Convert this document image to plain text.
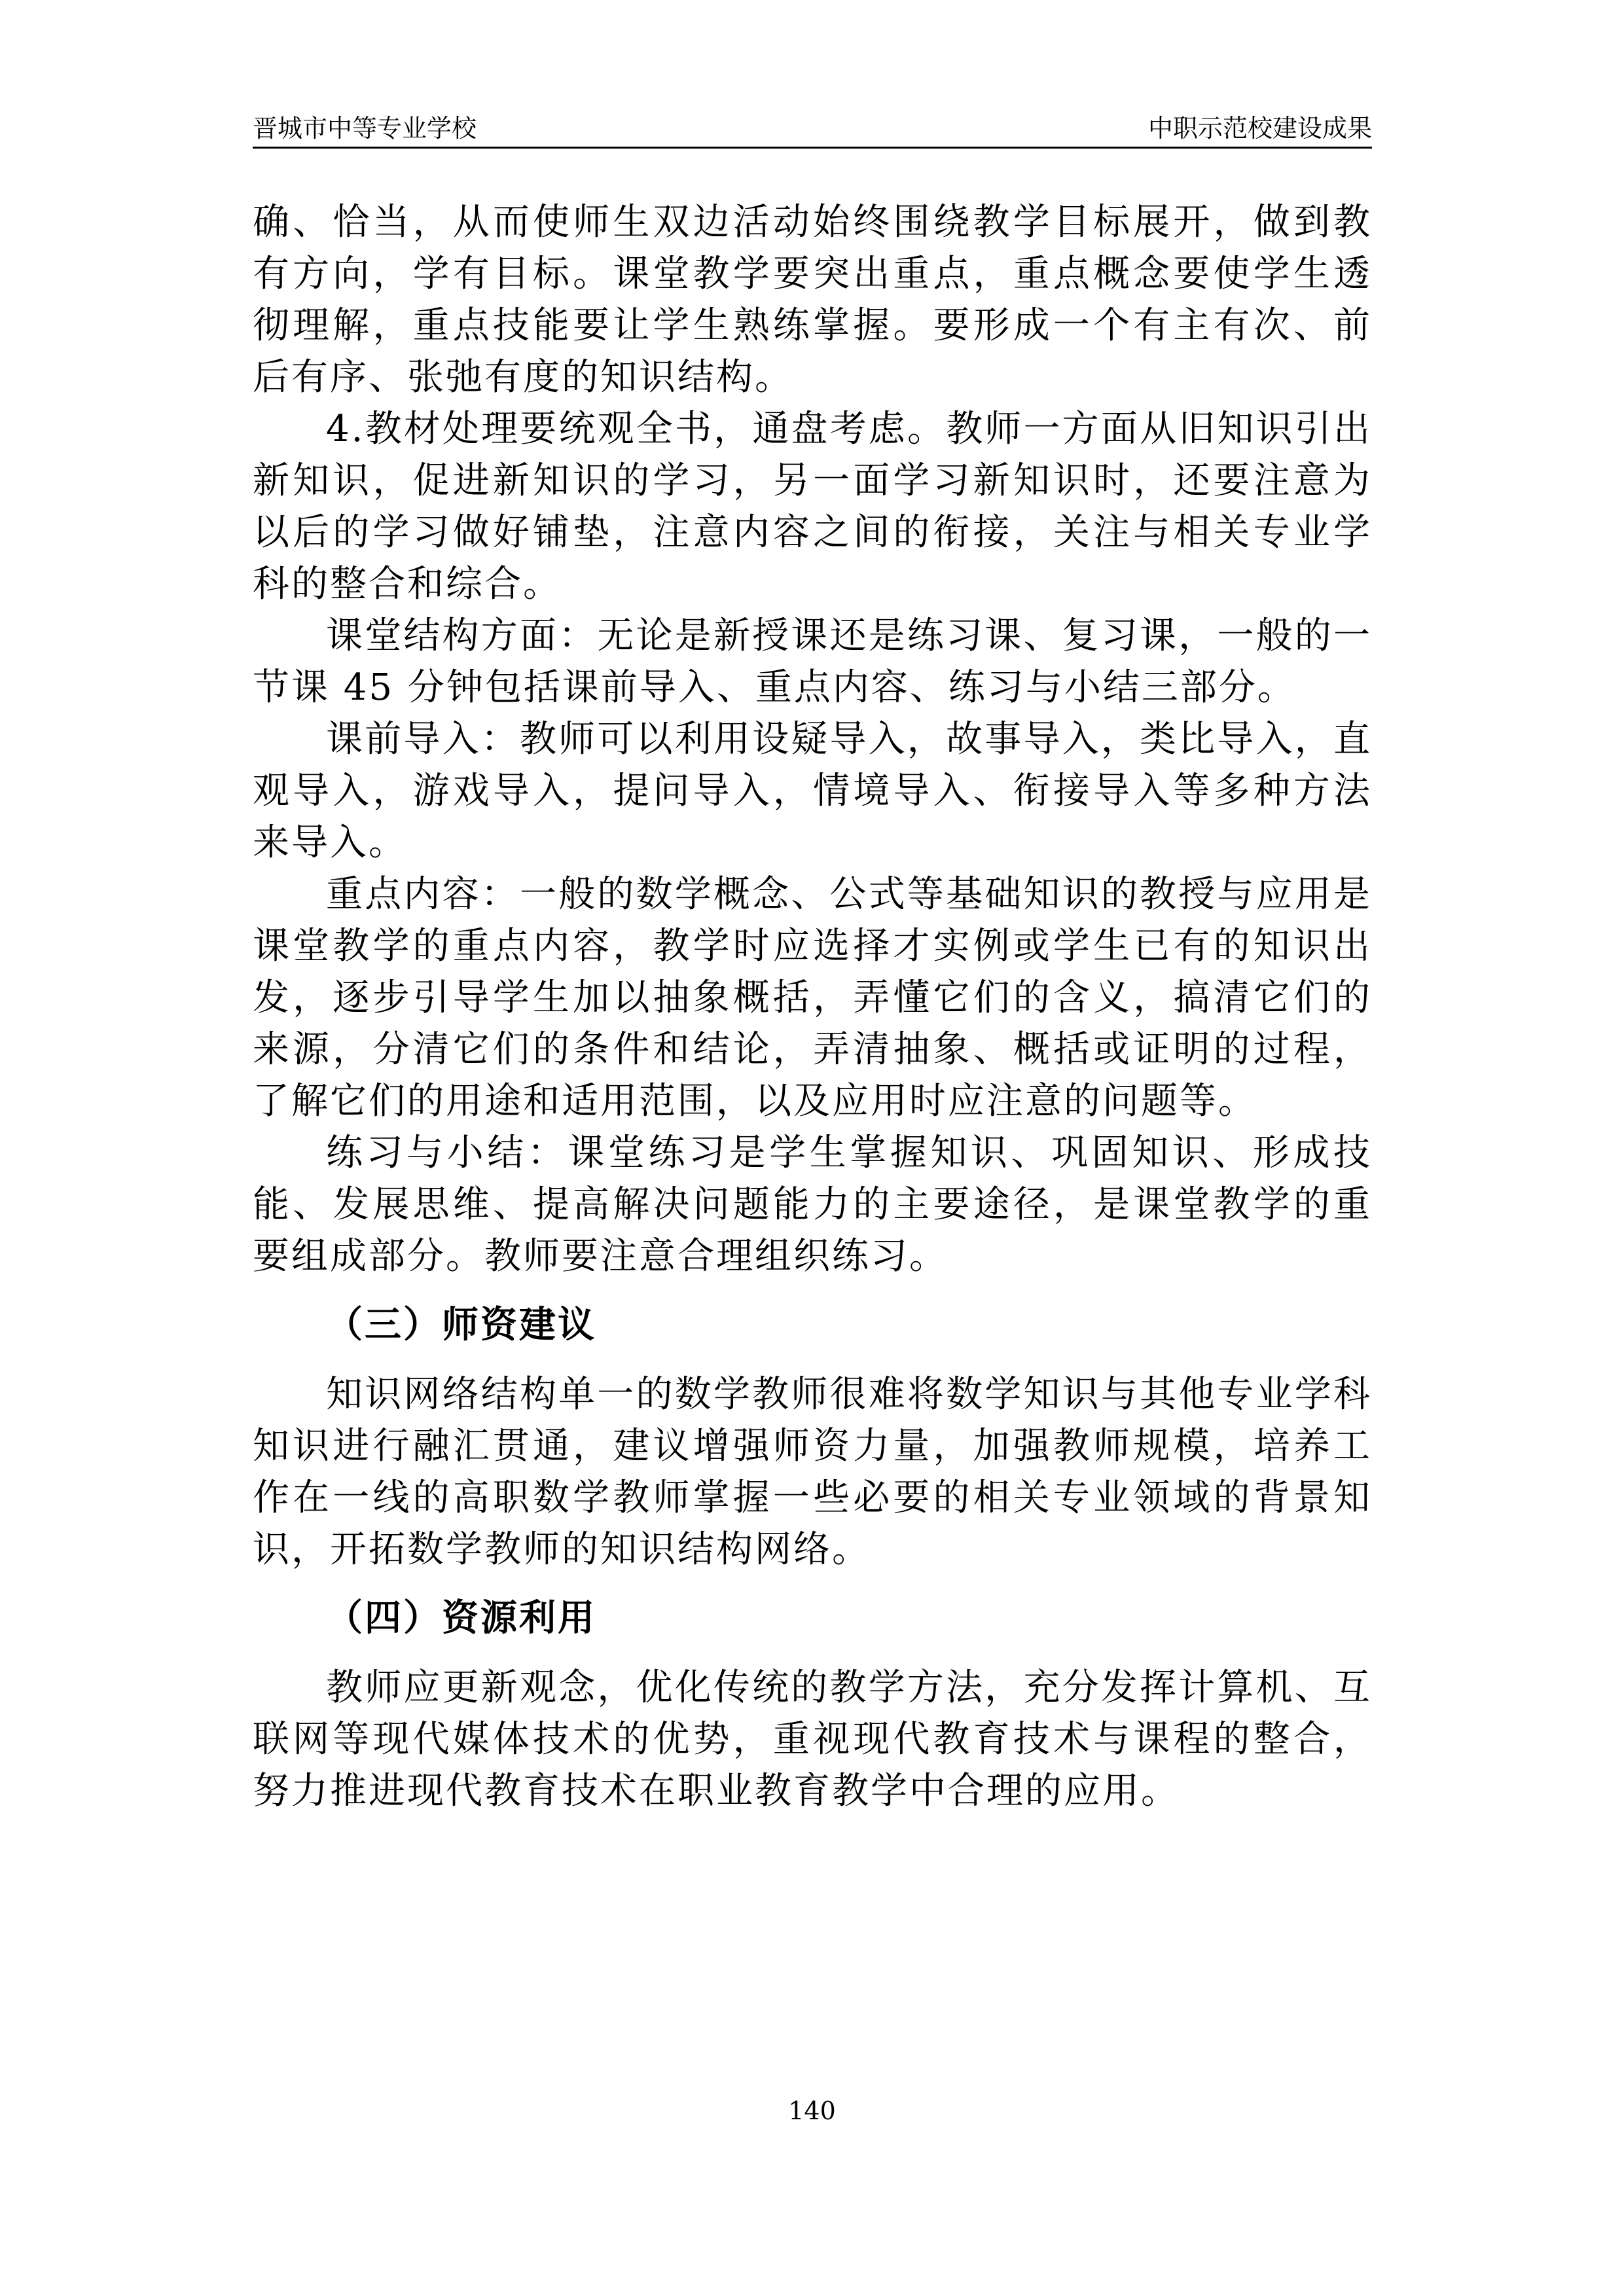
晋城市中等专业学校	中职示范校建设成果

确、恰当，从而使师生双边活动始终围绕教学目标展开，做到教有方向，学有目标。课堂教学要突出重点，重点概念要使学生透彻理解，重点技能要让学生熟练掌握。要形成一个有主有次、前后有序、张弛有度的知识结构。

4.教材处理要统观全书，通盘考虑。教师一方面从旧知识引出新知识，促进新知识的学习，另一面学习新知识时，还要注意为以后的学习做好铺垫，注意内容之间的衔接，关注与相关专业学科的整合和综合。

课堂结构方面：无论是新授课还是练习课、复习课，一般的一节课 45 分钟包括课前导入、重点内容、练习与小结三部分。

课前导入：教师可以利用设疑导入，故事导入，类比导入，直观导入，游戏导入，提问导入，情境导入、衔接导入等多种方法来导入。

重点内容：一般的数学概念、公式等基础知识的教授与应用是课堂教学的重点内容，教学时应选择才实例或学生已有的知识出发，逐步引导学生加以抽象概括，弄懂它们的含义，搞清它们的来源，分清它们的条件和结论，弄清抽象、概括或证明的过程，了解它们的用途和适用范围，以及应用时应注意的问题等。

练习与小结：课堂练习是学生掌握知识、巩固知识、形成技能、发展思维、提高解决问题能力的主要途径，是课堂教学的重要组成部分。教师要注意合理组织练习。

（三）师资建议

知识网络结构单一的数学教师很难将数学知识与其他专业学科知识进行融汇贯通，建议增强师资力量，加强教师规模，培养工作在一线的高职数学教师掌握一些必要的相关专业领域的背景知识，开拓数学教师的知识结构网络。

（四）资源利用

教师应更新观念，优化传统的教学方法，充分发挥计算机、互联网等现代媒体技术的优势，重视现代教育技术与课程的整合，努力推进现代教育技术在职业教育教学中合理的应用。

140
